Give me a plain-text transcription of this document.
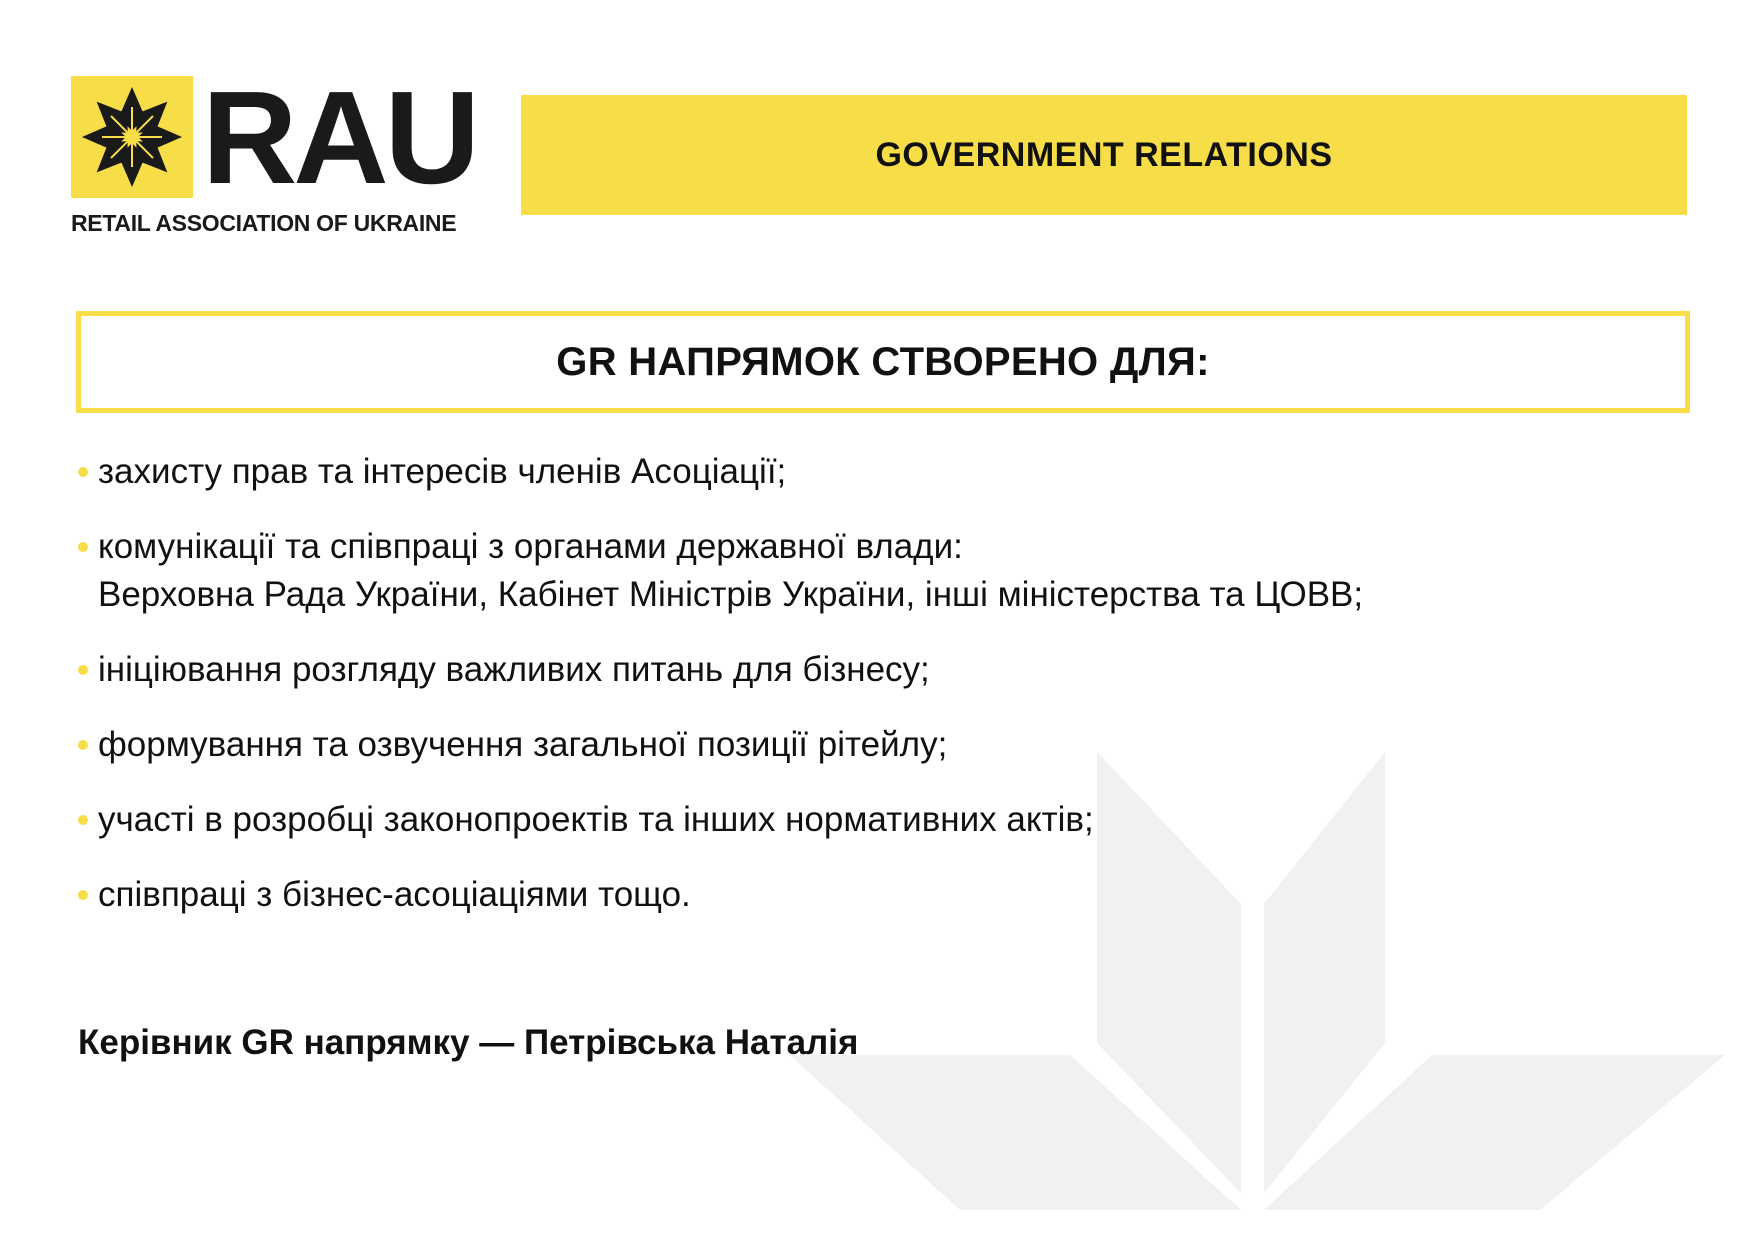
RAU
RETAIL ASSOCIATION OF UKRAINE
GOVERNMENT RELATIONS
GR НАПРЯМОК СТВОРЕНО ДЛЯ:
захисту прав та інтересів членів Асоціації;
комунікації та співпраці з органами державної влади:
Верховна Рада України, Кабінет Міністрів України, інші міністерства та ЦОВВ;
ініціювання розгляду важливих питань для бізнесу;
формування та озвучення загальної позиції рітейлу;
участі в розробці законопроектів та інших нормативних актів;
співпраці з бізнес-асоціаціями тощо.
Керівник GR напрямку — Петрівська Наталія
